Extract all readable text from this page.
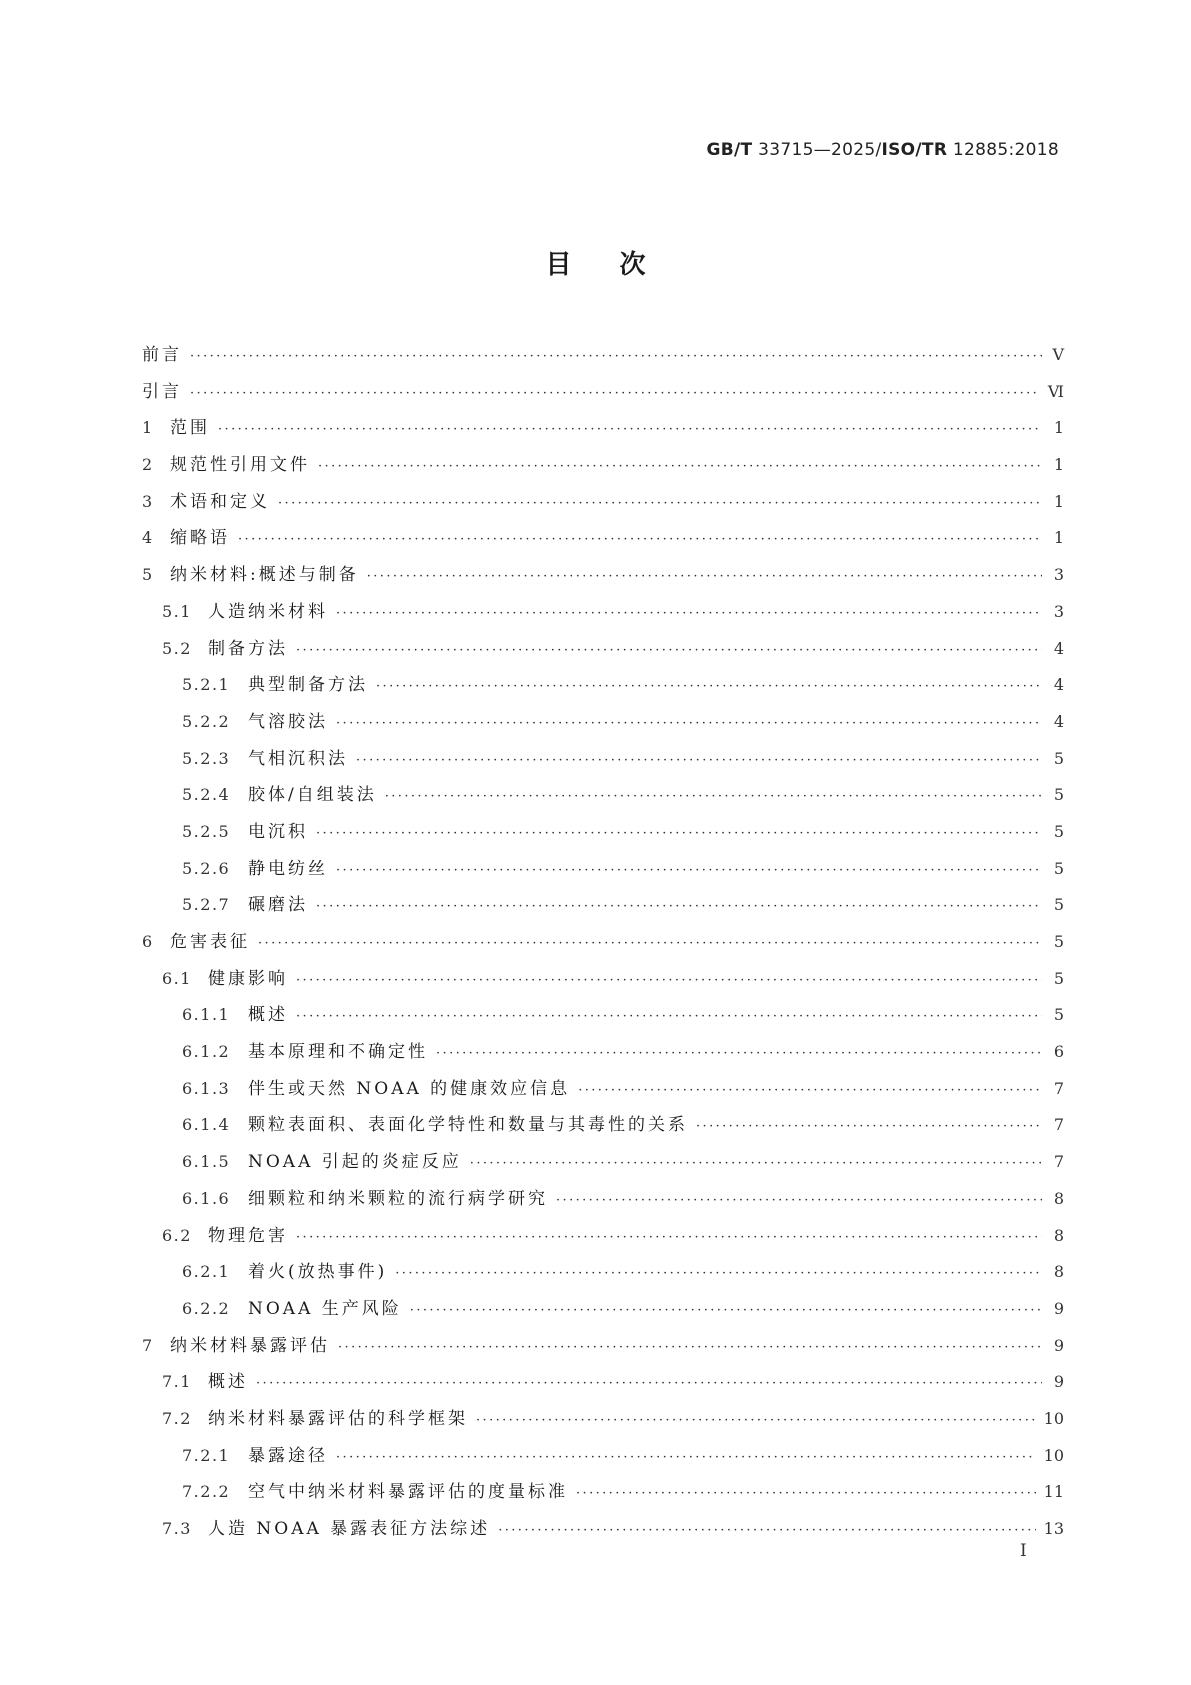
GB/T 33715—2025/ISO/TR 12885:2018
目次
前言 ·····	Ⅴ
引言 ·····	Ⅵ
1 范围 ·····	1
2 规范性引用文件 ·····	1
3 术语和定义 ·····	1
4 缩略语 ·····	1
5 纳米材料:概述与制备 ·····	3
5.1 人造纳米材料 ·····	3
5.2 制备方法 ·····	4
5.2.1	典型制备方法 ·····	4
5.2.2	气溶胶法 ·····	4
5.2.3	气相沉积法 ·····	5
5.2.4	胶体/自组装法 ·····	5
5.2.5	电沉积 ·····	5
5.2.6	静电纺丝 ·····	5
5.2.7	碾磨法 ·····	5
6 危害表征 ·····	5
6.1 健康影响 ·····	5
6.1.1	概述 ·····	5
6.1.2	基本原理和不确定性 ·····	6
6.1.3	伴生或天然 NOAA 的健康效应信息 ·····	7
6.1.4	颗粒表面积、表面化学特性和数量与其毒性的关系 ·····	7
6.1.5	NOAA 引起的炎症反应 ·····	7
6.1.6	细颗粒和纳米颗粒的流行病学研究 ·····	8
6.2 物理危害 ·····	8
6.2.1	着火(放热事件) ·····	8
6.2.2	NOAA 生产风险 ·····	9
7 纳米材料暴露评估 ·····	9
7.1 概述 ·····	9
7.2 纳米材料暴露评估的科学框架 ·····	10
7.2.1	暴露途径 ·····	10
7.2.2	空气中纳米材料暴露评估的度量标准 ·····	11
7.3 人造 NOAA 暴露表征方法综述 ·····	13
I
